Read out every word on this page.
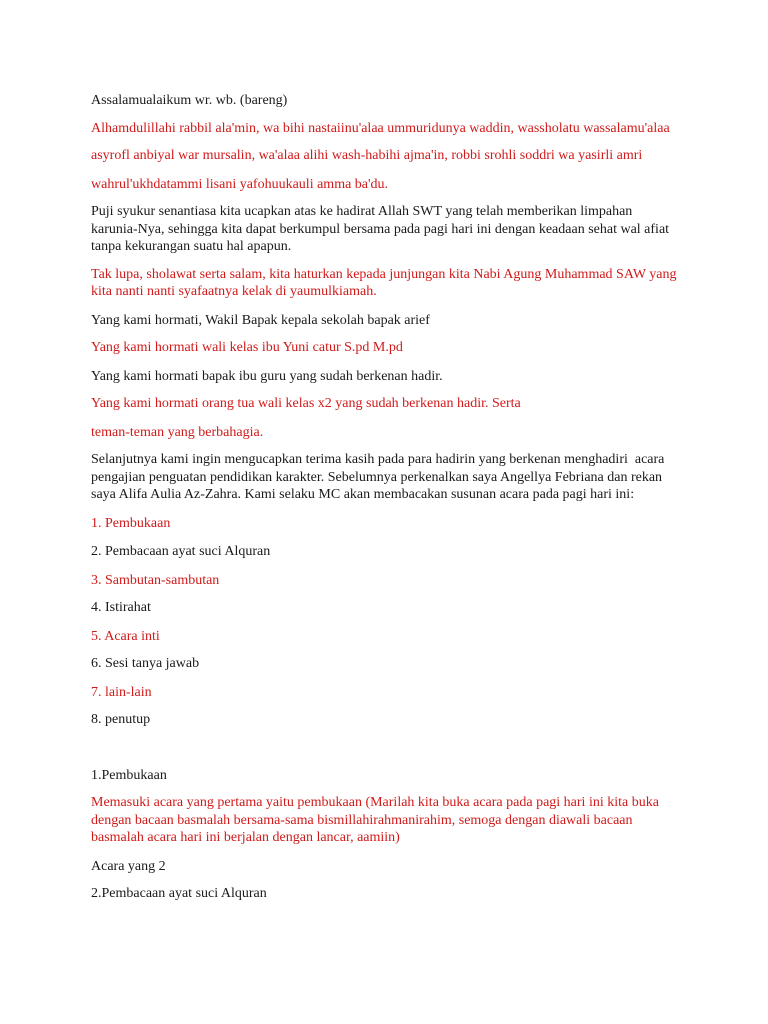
Assalamualaikum wr. wb. (bareng)

Alhamdulillahi rabbil ala'min, wa bihi nastaiinu'alaa ummuridunya waddin, wassholatu wassalamu'alaa

asyrofl anbiyal war mursalin, wa'alaa alihi wash-habihi ajma'in, robbi srohli soddri wa yasirli amri

wahrul'ukhdatammi lisani yafohuukauli amma ba'du.

Puji syukur senantiasa kita ucapkan atas ke hadirat Allah SWT yang telah memberikan limpahan karunia-Nya, sehingga kita dapat berkumpul bersama pada pagi hari ini dengan keadaan sehat wal afiat tanpa kekurangan suatu hal apapun.

Tak lupa, sholawat serta salam, kita haturkan kepada junjungan kita Nabi Agung Muhammad SAW yang kita nanti nanti syafaatnya kelak di yaumulkiamah.

Yang kami hormati, Wakil Bapak kepala sekolah bapak arief

Yang kami hormati wali kelas ibu Yuni catur S.pd M.pd

Yang kami hormati bapak ibu guru yang sudah berkenan hadir.

Yang kami hormati orang tua wali kelas x2 yang sudah berkenan hadir. Serta

teman-teman yang berbahagia.

Selanjutnya kami ingin mengucapkan terima kasih pada para hadirin yang berkenan menghadiri  acara pengajian penguatan pendidikan karakter. Sebelumnya perkenalkan saya Angellya Febriana dan rekan saya Alifa Aulia Az-Zahra. Kami selaku MC akan membacakan susunan acara pada pagi hari ini:

1. Pembukaan

2. Pembacaan ayat suci Alquran

3. Sambutan-sambutan

4. Istirahat

5. Acara inti

6. Sesi tanya jawab

7. lain-lain

8. penutup

1.Pembukaan

Memasuki acara yang pertama yaitu pembukaan (Marilah kita buka acara pada pagi hari ini kita buka dengan bacaan basmalah bersama-sama bismillahirahmanirahim, semoga dengan diawali bacaan basmalah acara hari ini berjalan dengan lancar, aamiin)

Acara yang 2

2.Pembacaan ayat suci Alquran
